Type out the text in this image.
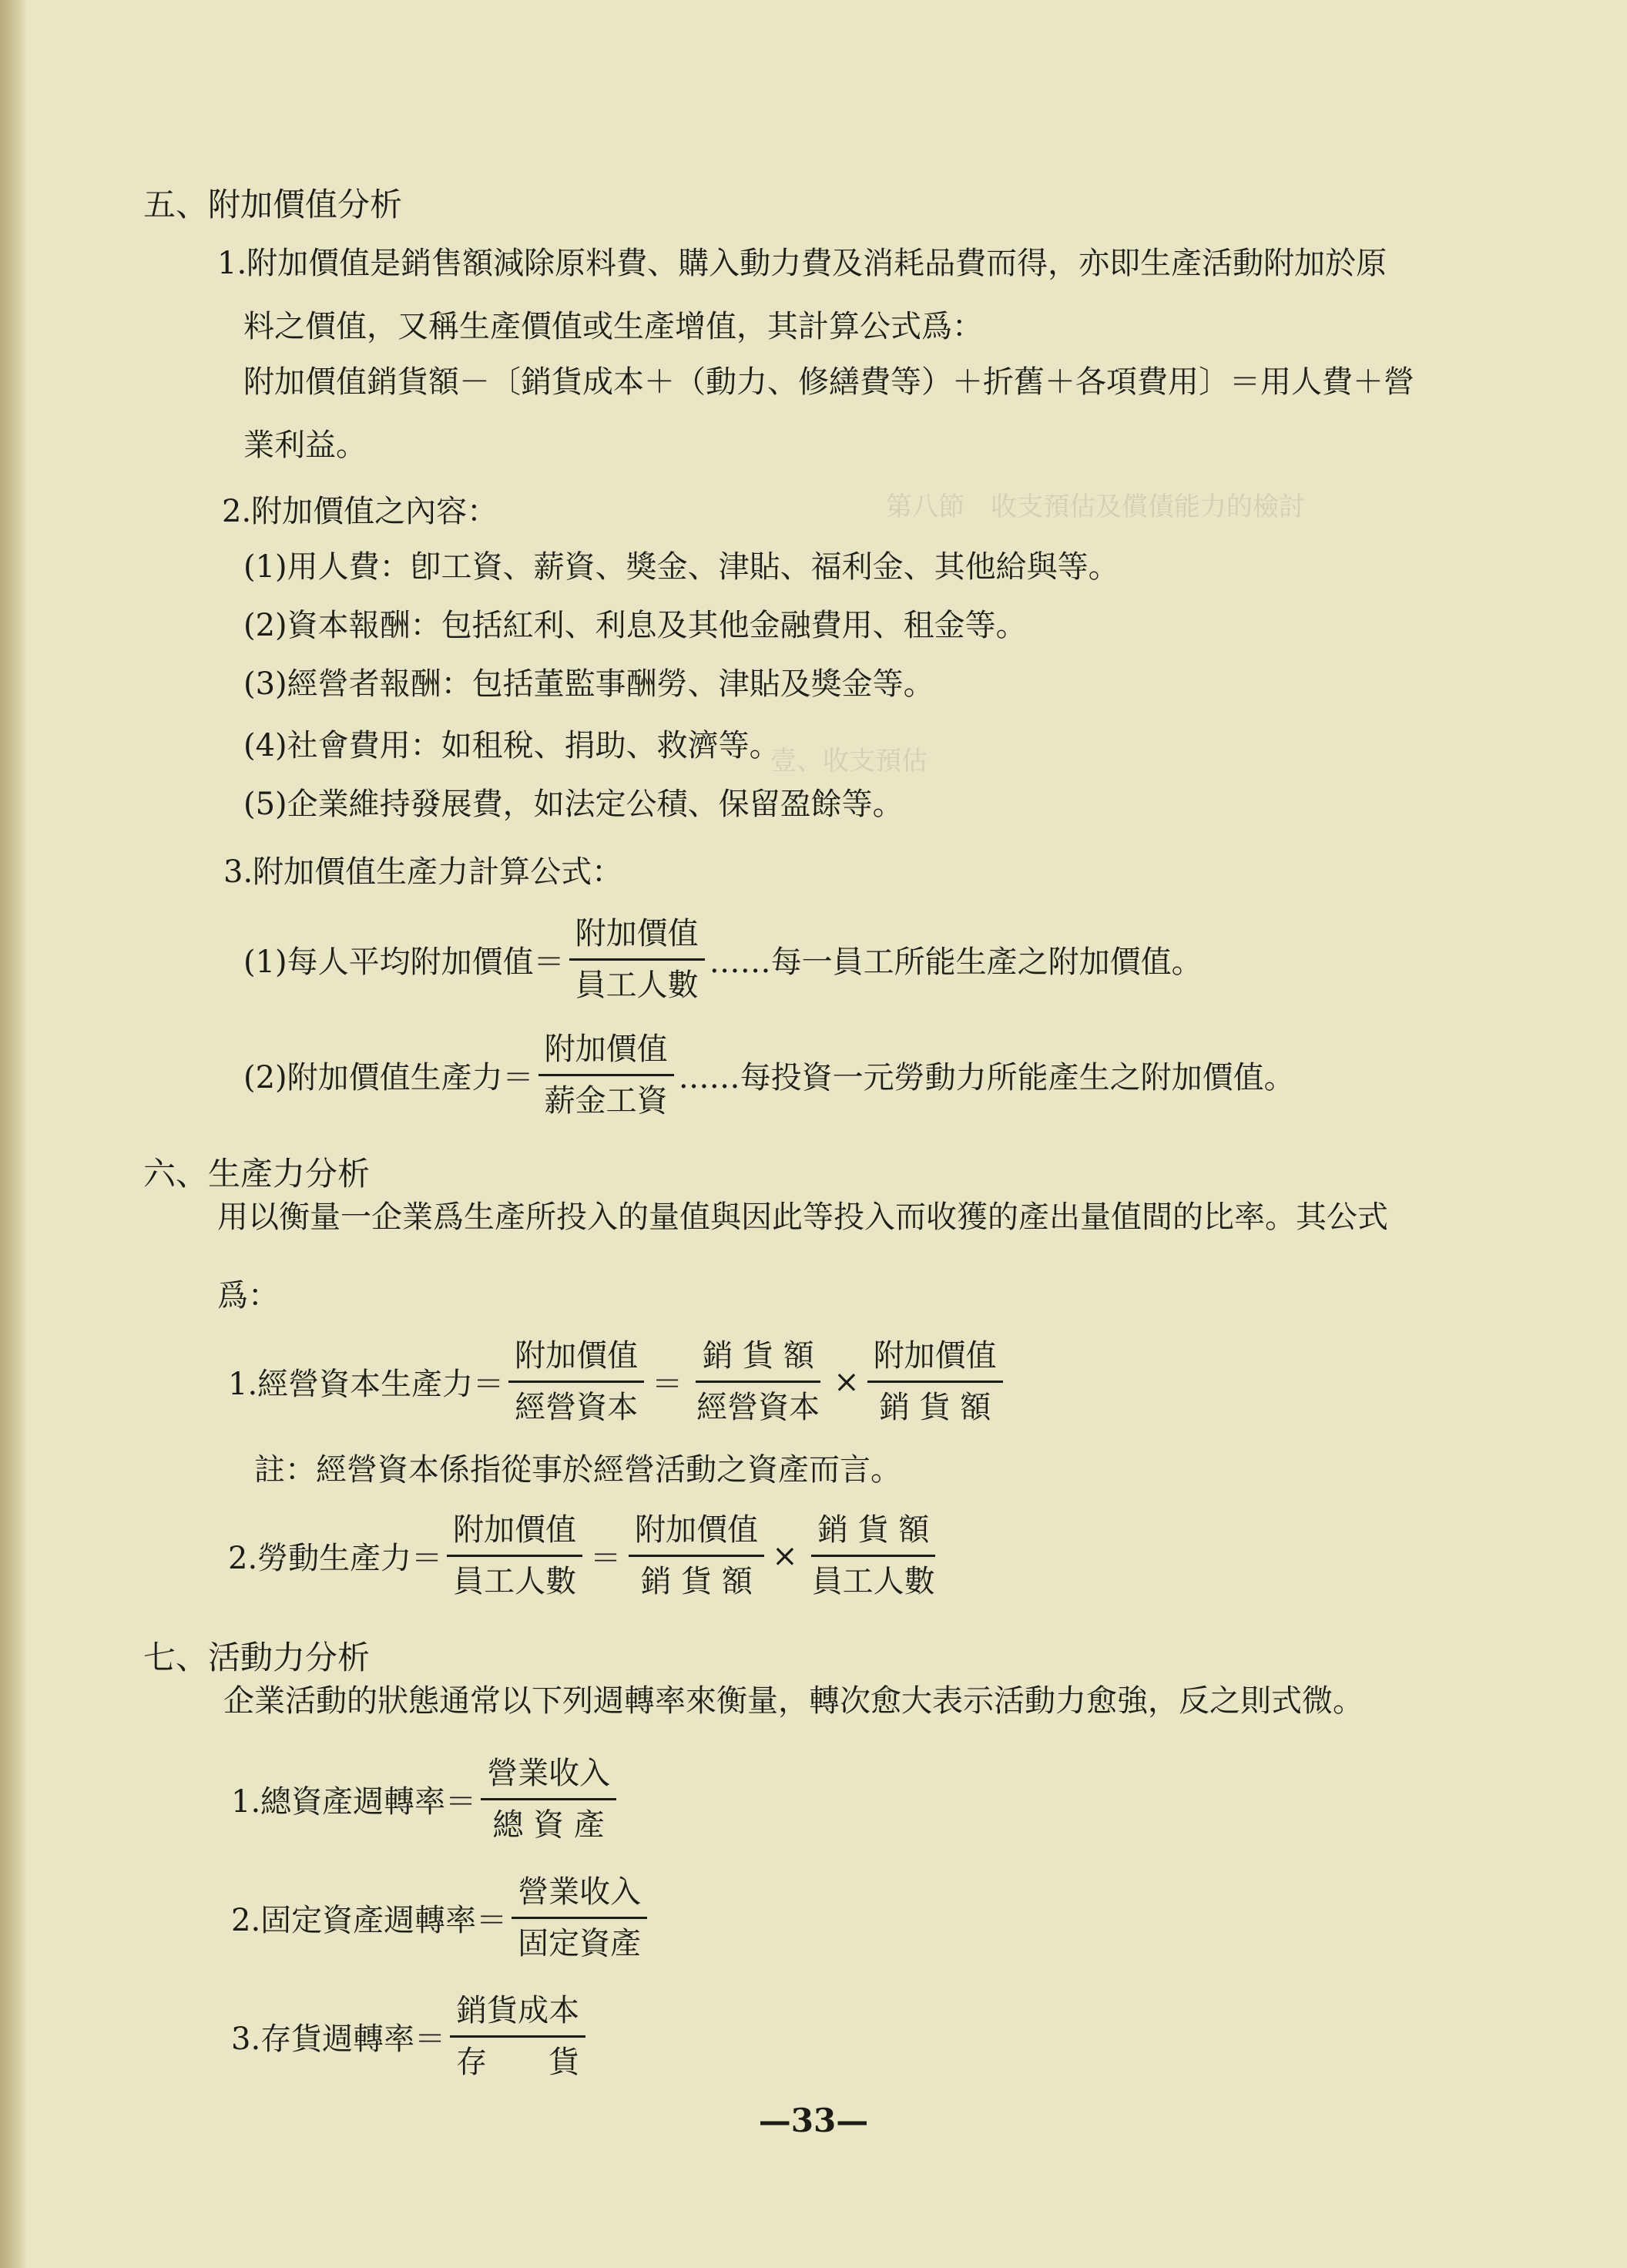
第八節　收支預估及償債能力的檢討
壹、收支預估
五、附加價值分析
1.附加價值是銷售額減除原料費、購入動力費及消耗品費而得，亦即生產活動附加於原
料之價值，又稱生產價值或生產增值，其計算公式爲：
附加價值銷貨額－〔銷貨成本＋（動力、修繕費等）＋折舊＋各項費用〕＝用人費＋營
業利益。
2.附加價值之內容：
(1)用人費：卽工資、薪資、獎金、津貼、福利金、其他給與等。
(2)資本報酬：包括紅利、利息及其他金融費用、租金等。
(3)經營者報酬：包括董監事酬勞、津貼及獎金等。
(4)社會費用：如租稅、捐助、救濟等。
(5)企業維持發展費，如法定公積、保留盈餘等。
3.附加價值生產力計算公式：
(1)每人平均附加價值＝ $\frac{\text{附加價值}}{\text{員工人數}}$ ……每一員工所能生產之附加價值。
(2)附加價值生產力＝ $\frac{\text{附加價值}}{\text{薪金工資}}$ ……每投資一元勞動力所能產生之附加價值。
六、生產力分析
用以衡量一企業爲生產所投入的量值與因此等投入而收獲的產出量值間的比率。其公式
爲：
1.經營資本生產力＝ $\frac{\text{附加價值}}{\text{經營資本}} = \frac{\text{銷 貨 額}}{\text{經營資本}} \times \frac{\text{附加價值}}{\text{銷 貨 額}}$
註：經營資本係指從事於經營活動之資產而言。
2.勞動生產力＝ $\frac{\text{附加價值}}{\text{員工人數}} = \frac{\text{附加價值}}{\text{銷 貨 額}} \times \frac{\text{銷 貨 額}}{\text{員工人數}}$
七、活動力分析
企業活動的狀態通常以下列週轉率來衡量，轉次愈大表示活動力愈強，反之則式微。
1.總資產週轉率＝ $\frac{\text{營業收入}}{\text{總 資 產}}$
2.固定資產週轉率＝ $\frac{\text{營業收入}}{\text{固定資產}}$
3.存貨週轉率＝ $\frac{\text{銷貨成本}}{\text{存　　貨}}$
—33—
